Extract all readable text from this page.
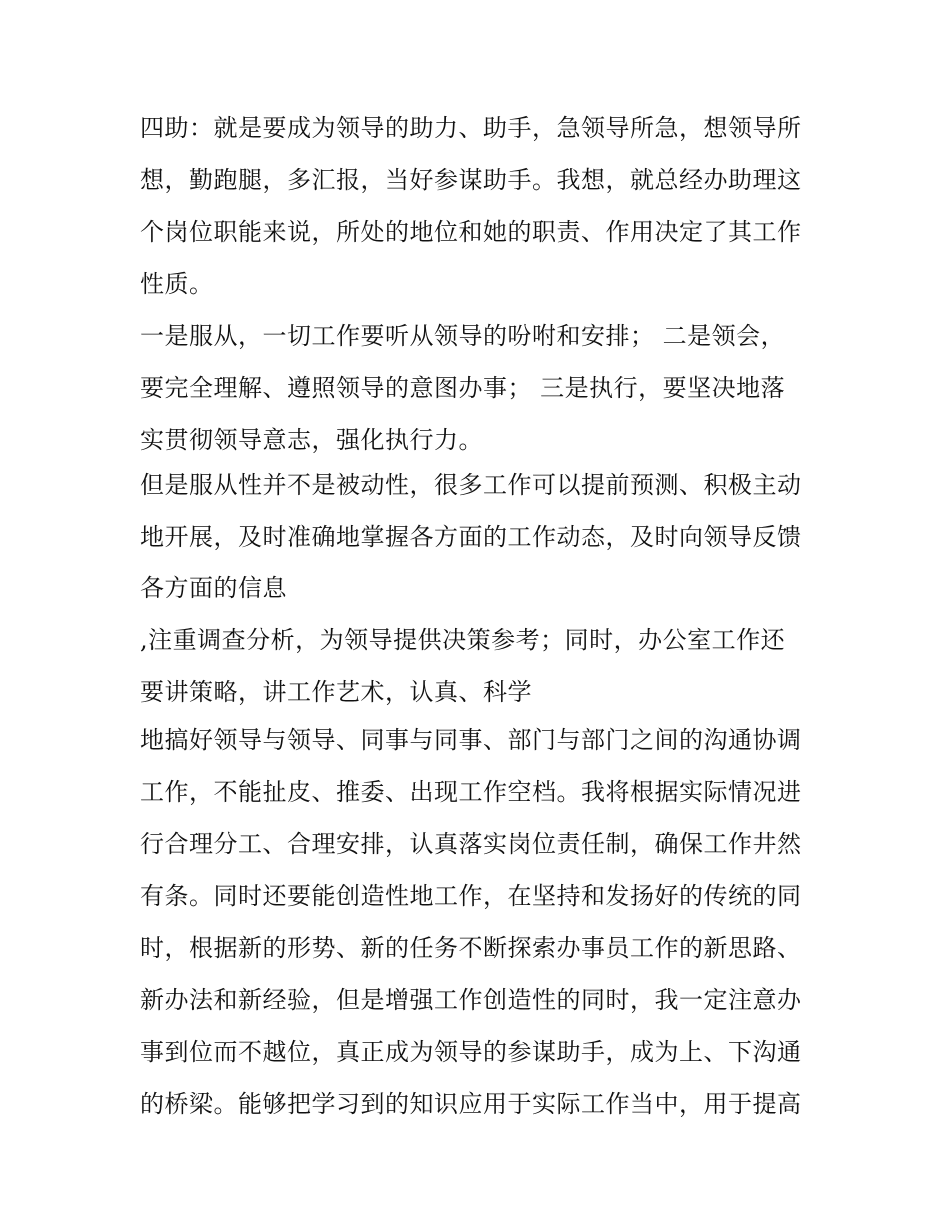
四助：就是要成为领导的助力、助手，急领导所急，想领导所
想，勤跑腿，多汇报，当好参谋助手。我想，就总经办助理这
个岗位职能来说，所处的地位和她的职责、作用决定了其工作
性质。
一是服从，一切工作要听从领导的吩咐和安排； 二是领会，
要完全理解、遵照领导的意图办事； 三是执行，要坚决地落
实贯彻领导意志，强化执行力。
但是服从性并不是被动性，很多工作可以提前预测、积极主动
地开展，及时准确地掌握各方面的工作动态，及时向领导反馈
各方面的信息
,注重调查分析，为领导提供决策参考；同时，办公室工作还
要讲策略，讲工作艺术，认真、科学
地搞好领导与领导、同事与同事、部门与部门之间的沟通协调
工作，不能扯皮、推委、出现工作空档。我将根据实际情况进
行合理分工、合理安排，认真落实岗位责任制，确保工作井然
有条。同时还要能创造性地工作，在坚持和发扬好的传统的同
时，根据新的形势、新的任务不断探索办事员工作的新思路、
新办法和新经验，但是增强工作创造性的同时，我一定注意办
事到位而不越位，真正成为领导的参谋助手，成为上、下沟通
的桥梁。能够把学习到的知识应用于实际工作当中，用于提高
